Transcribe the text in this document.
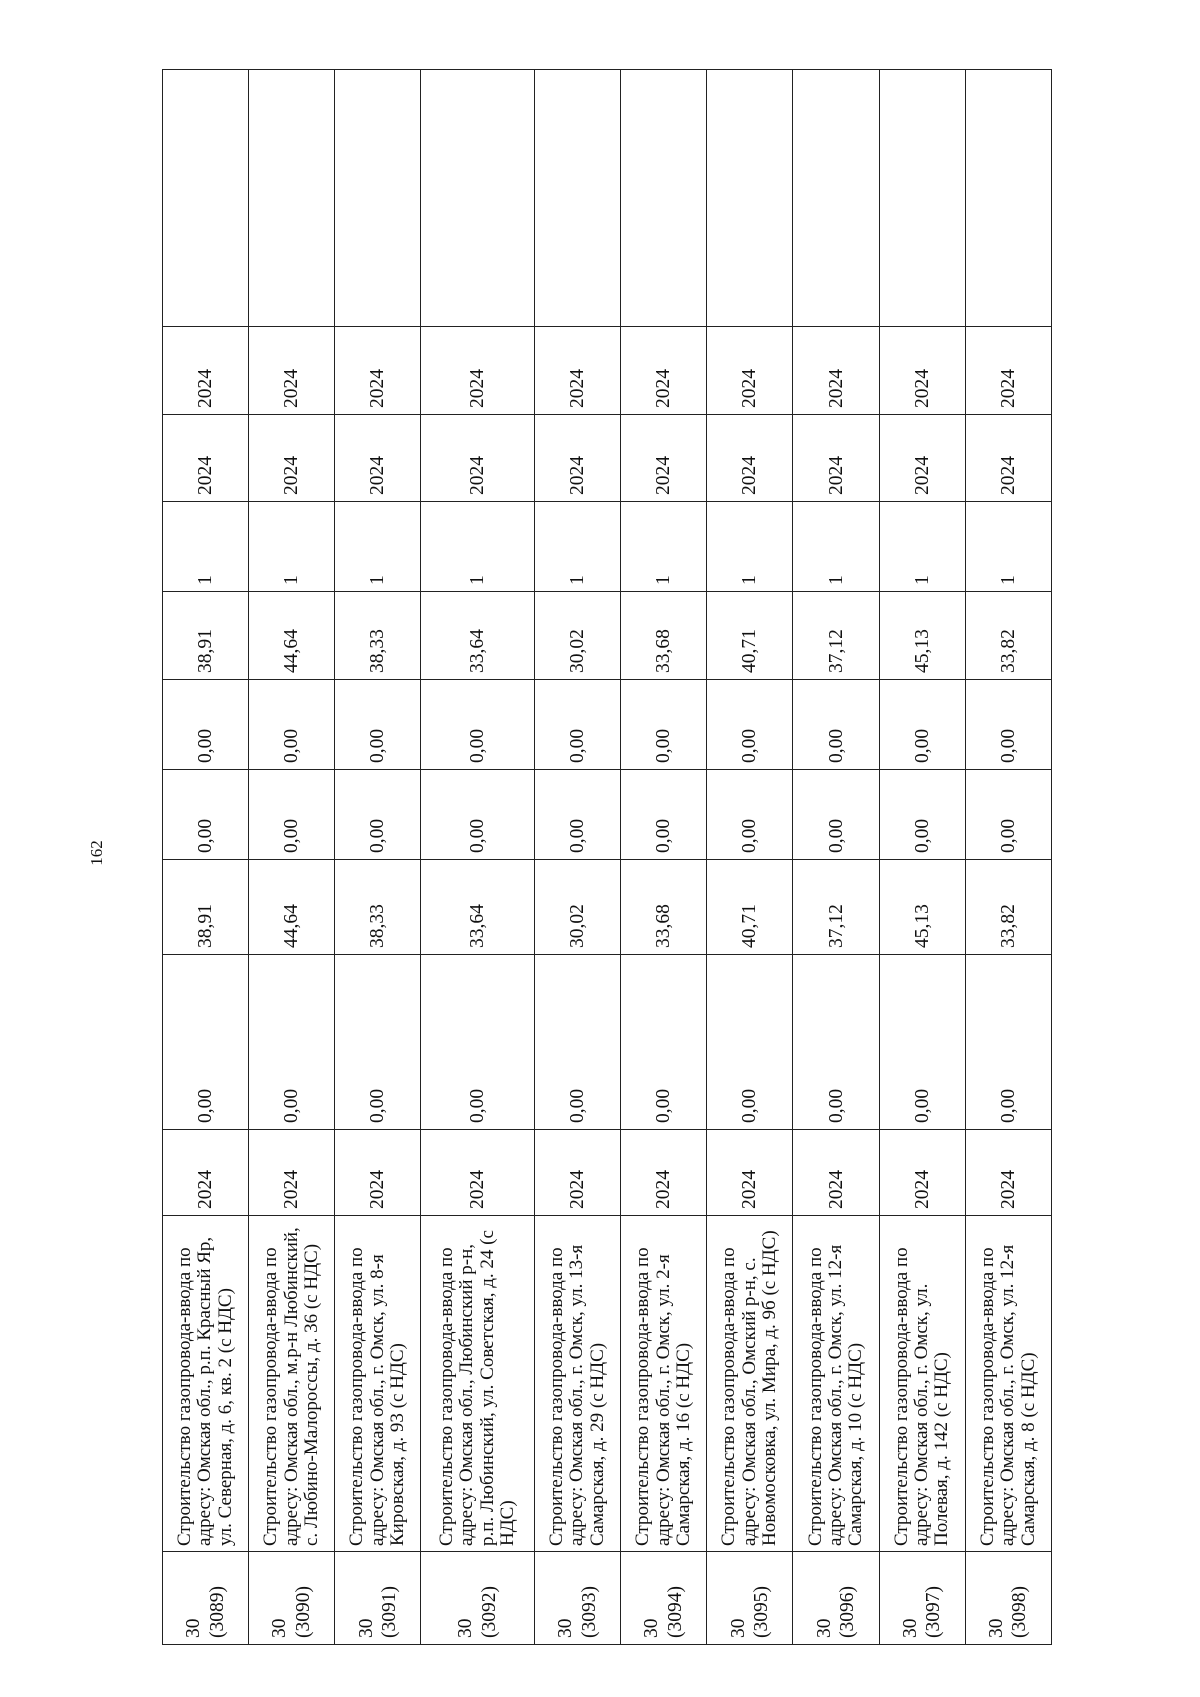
162
30 (3089)	Строительство газопровода-ввода по адресу: Омская обл., р.п. Красный Яр, ул. Северная, д. 6, кв. 2 (с НДС)	2024	0,00	38,91	0,00	0,00	38,91	1	2024	2024	

30 (3090)	Строительство газопровода-ввода по адресу: Омская обл., м.р-н Любинский, с. Любино-Малороссы, д. 36 (с НДС)	2024	0,00	44,64	0,00	0,00	44,64	1	2024	2024	

30 (3091)	Строительство газопровода-ввода по адресу: Омская обл., г. Омск, ул. 8-я Кировская, д. 93 (с НДС)	2024	0,00	38,33	0,00	0,00	38,33	1	2024	2024	

30 (3092)	Строительство газопровода-ввода по адресу: Омская обл., Любинский р-н, р.п. Любинский, ул. Советская, д. 24 (с НДС)	2024	0,00	33,64	0,00	0,00	33,64	1	2024	2024	

30 (3093)	Строительство газопровода-ввода по адресу: Омская обл., г. Омск, ул. 13-я Самарская, д. 29 (с НДС)	2024	0,00	30,02	0,00	0,00	30,02	1	2024	2024	

30 (3094)	Строительство газопровода-ввода по адресу: Омская обл., г. Омск, ул. 2-я Самарская, д. 16 (с НДС)	2024	0,00	33,68	0,00	0,00	33,68	1	2024	2024	

30 (3095)	Строительство газопровода-ввода по адресу: Омская обл., Омский р-н, с. Новомосковка, ул. Мира, д. 9б (с НДС)	2024	0,00	40,71	0,00	0,00	40,71	1	2024	2024	

30 (3096)	Строительство газопровода-ввода по адресу: Омская обл., г. Омск, ул. 12-я Самарская, д. 10 (с НДС)	2024	0,00	37,12	0,00	0,00	37,12	1	2024	2024	

30 (3097)	Строительство газопровода-ввода по адресу: Омская обл., г. Омск, ул. Полевая, д. 142 (с НДС)	2024	0,00	45,13	0,00	0,00	45,13	1	2024	2024	

30 (3098)	Строительство газопровода-ввода по адресу: Омская обл., г. Омск, ул. 12-я Самарская, д. 8 (с НДС)	2024	0,00	33,82	0,00	0,00	33,82	1	2024	2024	
